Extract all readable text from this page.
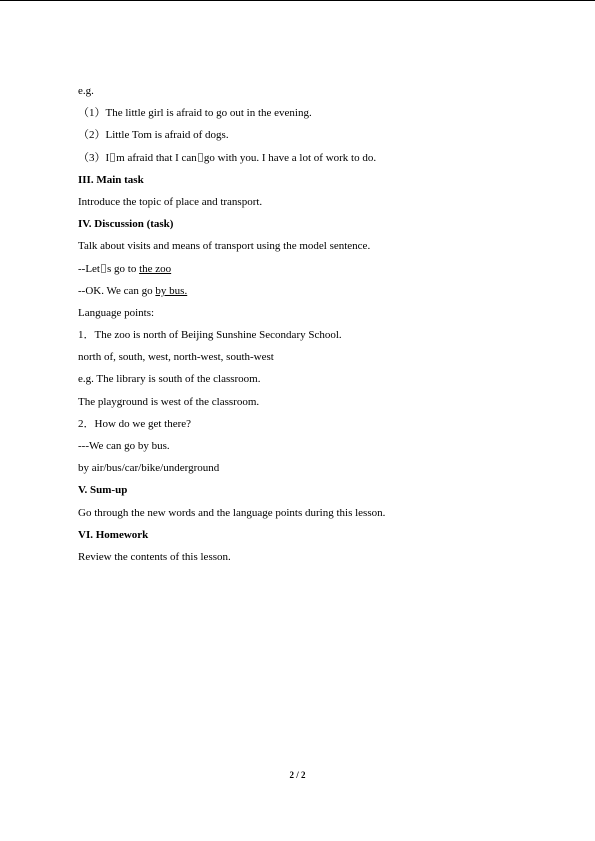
e.g.
（1）The little girl is afraid to go out in the evening.
（2）Little Tom is afraid of dogs.
（3）I m afraid that I can go with you. I have a lot of work to do.
III. Main task
Introduce the topic of place and transport.
IV. Discussion (task)
Talk about visits and means of transport using the model sentence.
--Let s go to the zoo
--OK. We can go by bus.
Language points:
1．The zoo is north of Beijing Sunshine Secondary School.
north of, south, west, north-west, south-west
e.g. The library is south of the classroom.
The playground is west of the classroom.
2．How do we get there?
---We can go by bus.
by air/bus/car/bike/underground
V. Sum-up
Go through the new words and the language points during this lesson.
VI. Homework
Review the contents of this lesson.
2 / 2
